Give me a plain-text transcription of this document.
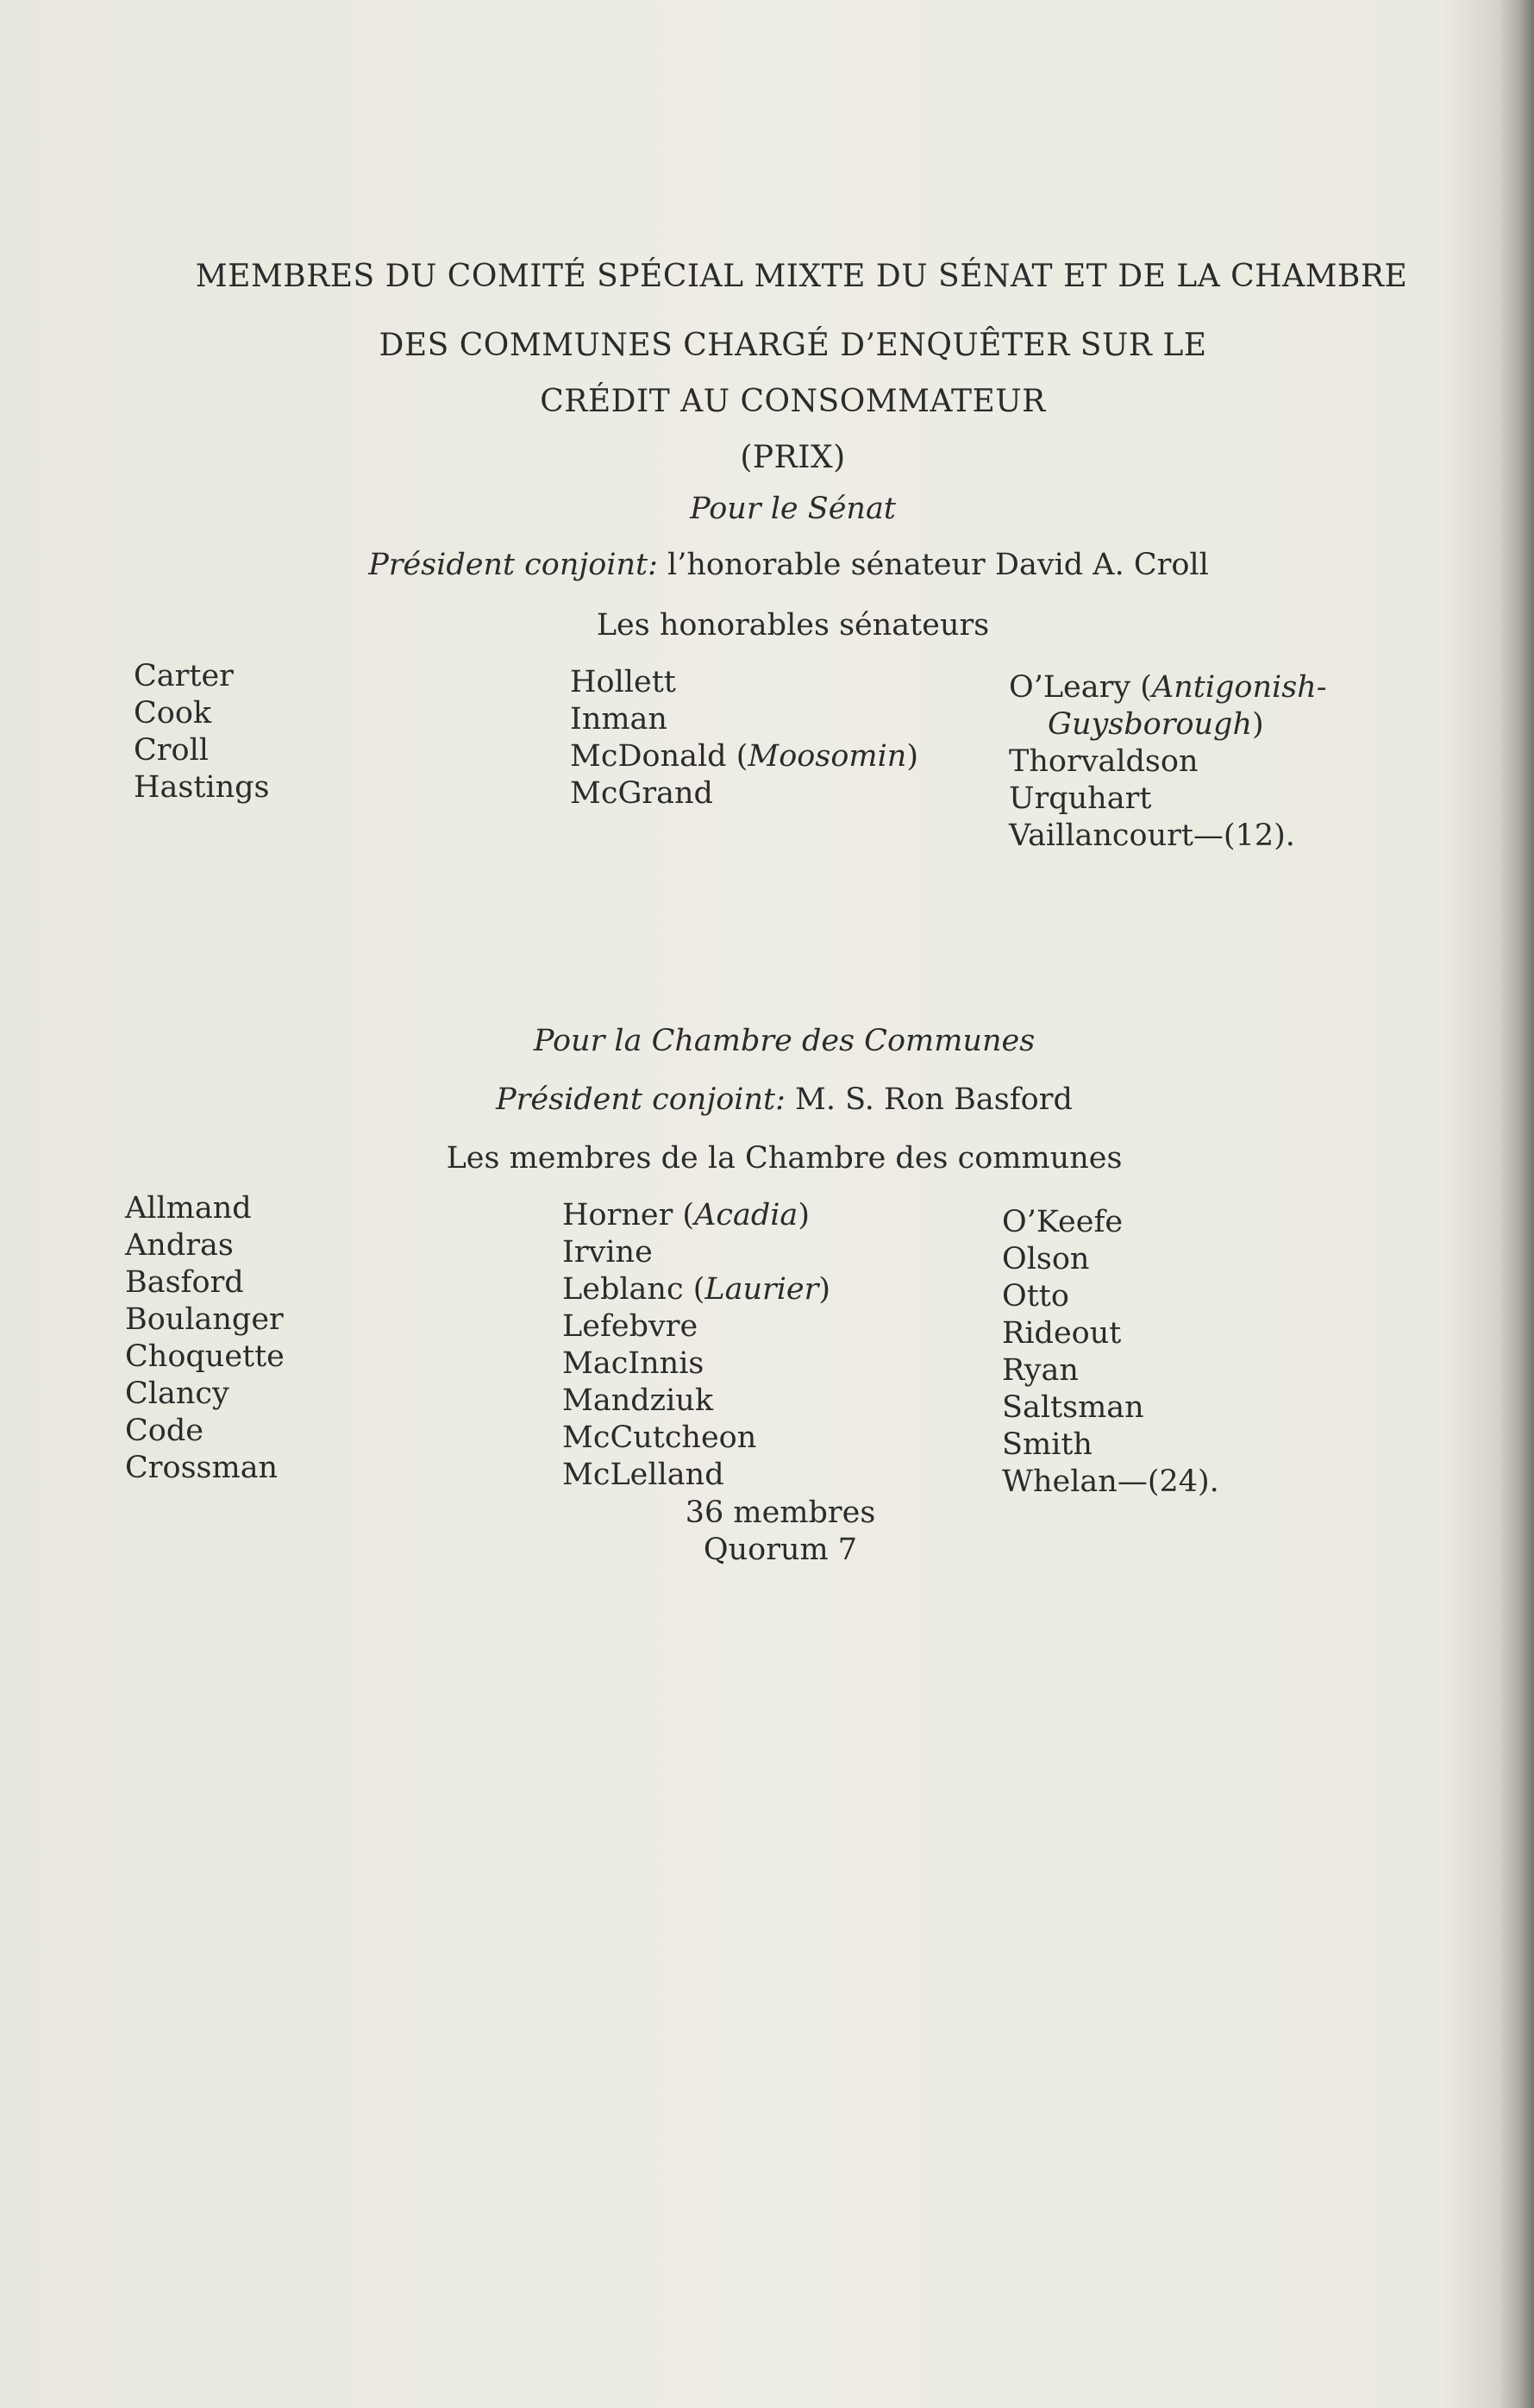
MEMBRES DU COMITÉ SPÉCIAL MIXTE DU SÉNAT ET DE LA CHAMBRE
DES COMMUNES CHARGÉ D’ENQUÊTER SUR LE
CRÉDIT AU CONSOMMATEUR
(PRIX)
Pour le Sénat
Président conjoint: l’honorable sénateur David A. Croll
Les honorables sénateurs
Carter
Cook
Croll
Hastings
Hollett
Inman
McDonald (Moosomin)
McGrand
O’Leary (Antigonish-
Guysborough)
Thorvaldson
Urquhart
Vaillancourt—(12).
Pour la Chambre des Communes
Président conjoint: M. S. Ron Basford
Les membres de la Chambre des communes
Allmand
Andras
Basford
Boulanger
Choquette
Clancy
Code
Crossman
Horner (Acadia)
Irvine
Leblanc (Laurier)
Lefebvre
MacInnis
Mandziuk
McCutcheon
McLelland
O’Keefe
Olson
Otto
Rideout
Ryan
Saltsman
Smith
Whelan—(24).
36 membres
Quorum 7
